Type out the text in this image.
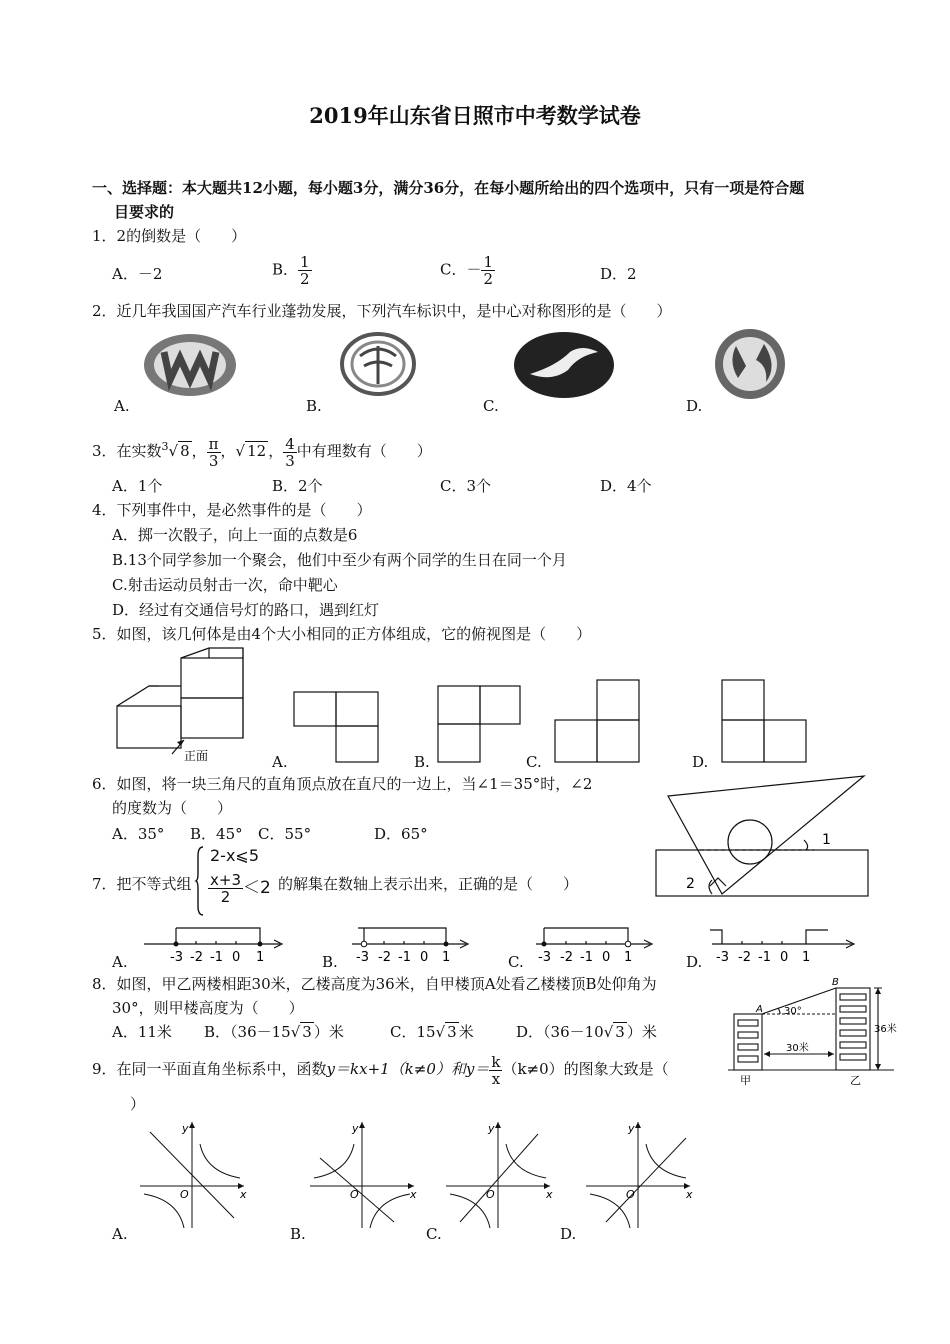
2019年山东省日照市中考数学试卷
一、选择题：本大题共12小题，每小题3分，满分36分，在每小题所给出的四个选项中，只有一项是符合题
目要求的
1．2的倒数是（　　）
A．－2	B． $\frac{1}{2}$	C．－ $\frac{1}{2}$	D．2
2．近几年我国国产汽车行业蓬勃发展，下列汽车标识中，是中心对称图形的是（　　）
A.	B.	C.	D.
3．在实数$^3$√ 8 ， $\frac{\pi}{3}$ ，√ 12 ， $\frac{4}{3}$ 中有理数有（　　）
A．1个	B．2个	C．3个	D．4个
4．下列事件中，是必然事件的是（　　）
A．掷一次骰子，向上一面的点数是6
B.13个同学参加一个聚会，他们中至少有两个同学的生日在同一个月
C.射击运动员射击一次，命中靶心
D．经过有交通信号灯的路口，遇到红灯
5．如图，该几何体是由4个大小相同的正方体组成，它的俯视图是（　　）
正面	A.	B.	C.	D.
6．如图，将一块三角尺的直角顶点放在直尺的一边上，当∠1＝35°时，∠2
的度数为（　　）
A．35° B．45° C．55°	D．65°	1
2
7．把不等式组
2-x⩽5
$\frac{x+3}{2} <2$ 的解集在数轴上表示出来，正确的是（　　）
-3 -2 -1 0 1	-3 -2 -1 0 1	-3 -2 -1 0 1	-3 -2 -1 0 1
A.	B.	C.	D.
8．如图，甲乙两楼相距30米，乙楼高度为36米，自甲楼顶A处看乙楼楼顶B处仰角为
30°，则甲楼高度为（　　）
A．11米 B．（36－15√ 3 ）米	C．15√ 3 米	D．（36－10√ 3 ）米
A
B
30°
30米
36米
甲	乙
9．在同一平面直角坐标系中，函数y＝kx+1（k≠0）和$y= \frac{k}{x} (k\ne 0)$的图象大致是（
）
x
y
O	x
y
O	x
y
O	x
y
O
A.	B.	C.	D.
